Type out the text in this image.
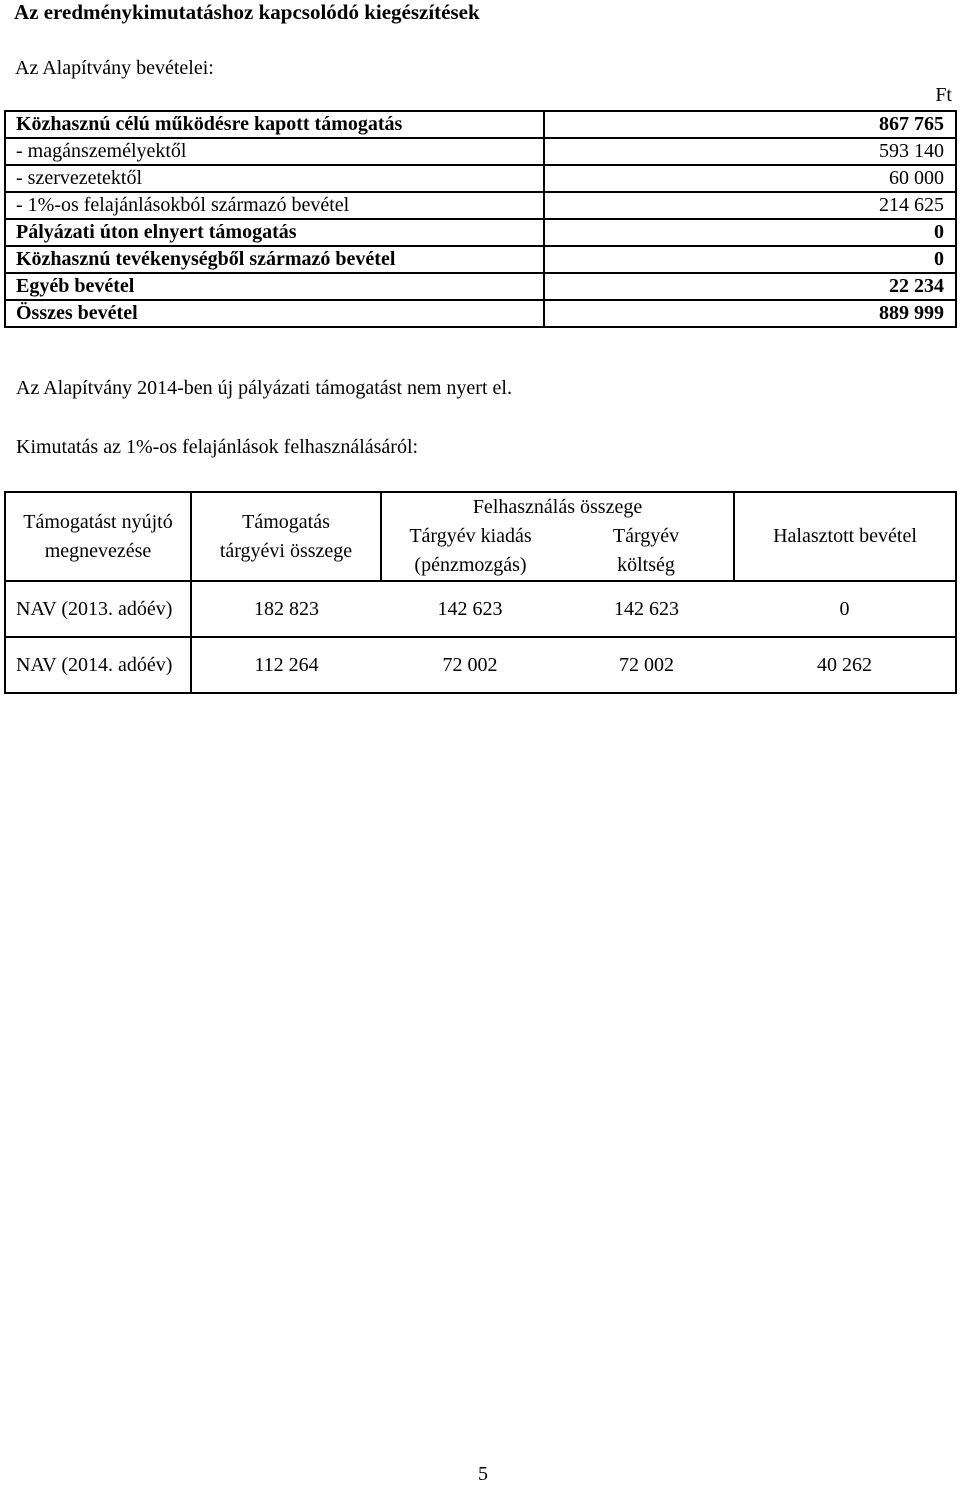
Az eredménykimutatáshoz kapcsolódó kiegészítések
Az Alapítvány bevételei:
Ft
Közhasznú célú működésre kapott támogatás	867 765
- magánszemélyektől	593 140
- szervezetektől	60 000
- 1%-os felajánlásokból származó bevétel	214 625
Pályázati úton elnyert támogatás	0
Közhasznú tevékenységből származó bevétel	0
Egyéb bevétel	22 234
Összes bevétel	889 999
Az Alapítvány 2014-ben új pályázati támogatást nem nyert el.
Kimutatás az 1%-os felajánlások felhasználásáról:
Támogatást nyújtó megnevezése	Támogatás tárgyévi összege	Felhasználás összege		Halasztott bevétel
		Tárgyév kiadás (pénzmozgás)	Tárgyév költség	

NAV (2013. adóév)	182 823	142 623	142 623	0
NAV (2014. adóév)	112 264	72 002	72 002	40 262
5
